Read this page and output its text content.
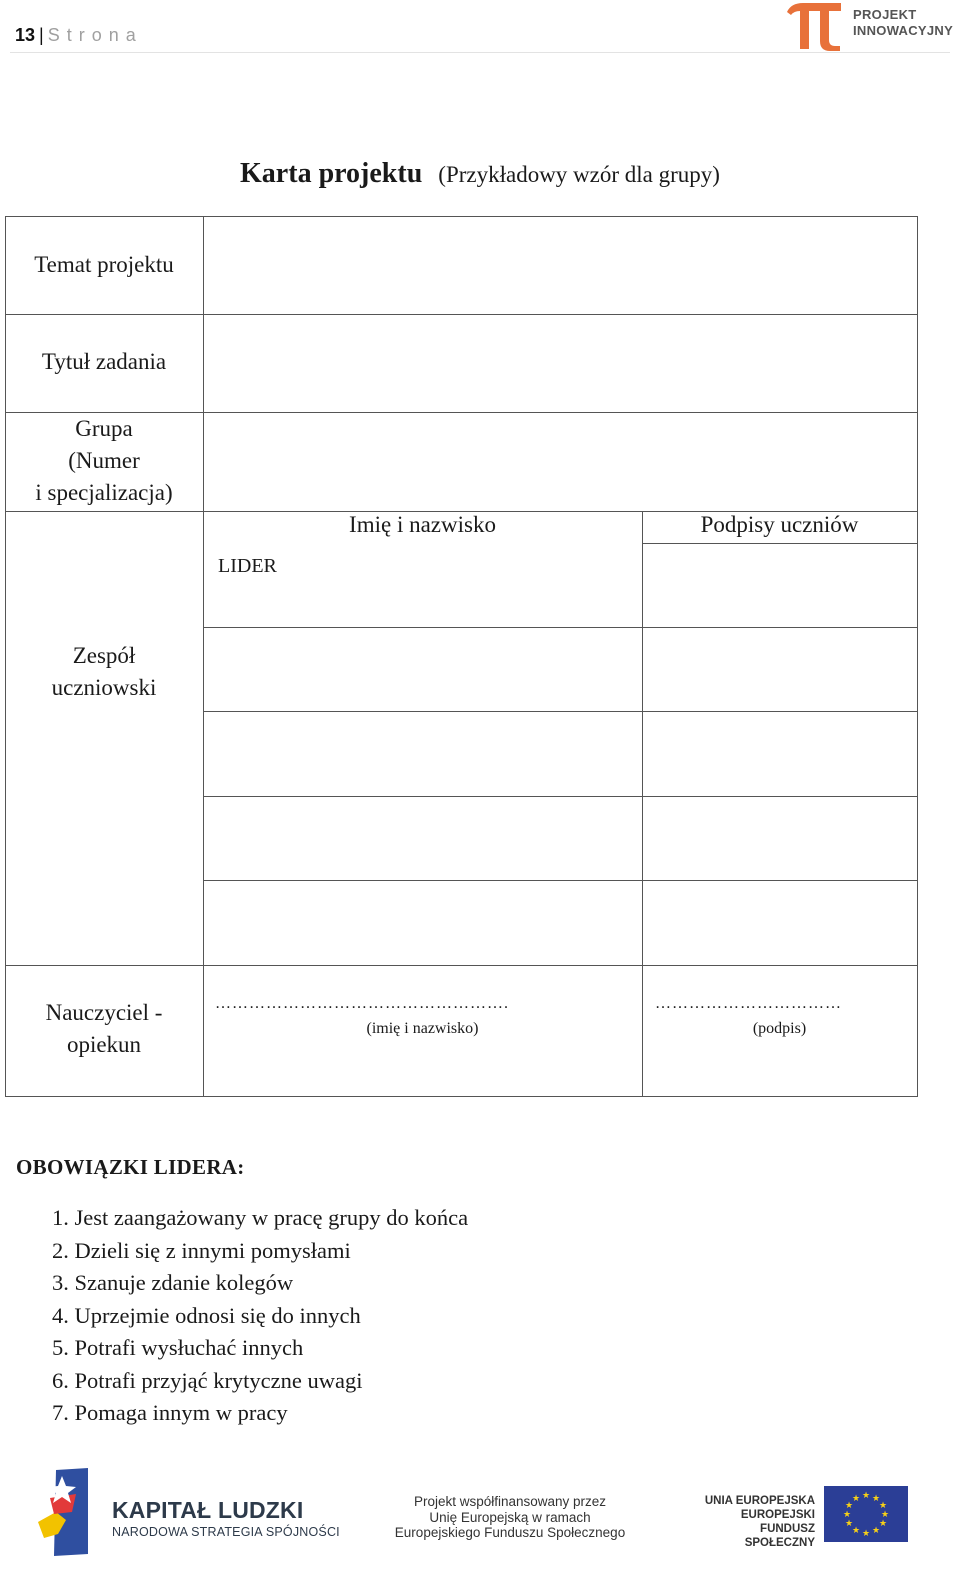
13 | Strona
PROJEKT
INNOWACYJNY
Karta projektu (Przykładowy wzór dla grupy)
Temat projektu
Tytuł zadania
Grupa
(Numer
i specjalizacja)
Imię i nazwisko	Podpisy uczniów
LIDER
Zespół
uczniowski
Nauczyciel -
opiekun
…………………………………………….
(imię i nazwisko)
……………………………
(podpis)
OBOWIĄZKI LIDERA:
1. Jest zaangażowany w pracę grupy do końca
2. Dzieli się z innymi pomysłami
3. Szanuje zdanie kolegów
4. Uprzejmie odnosi się do innych
5. Potrafi wysłuchać innych
6. Potrafi przyjąć krytyczne uwagi
7. Pomaga innym w pracy
KAPITAŁ LUDZKI
NARODOWA STRATEGIA SPÓJNOŚCI
Projekt współfinansowany przez
Unię Europejską w ramach
Europejskiego Funduszu Społecznego
UNIA EUROPEJSKA
EUROPEJSKI
FUNDUSZ SPOŁECZNY
★ ★
★
★
★
★
★
★
★
★
★
★
